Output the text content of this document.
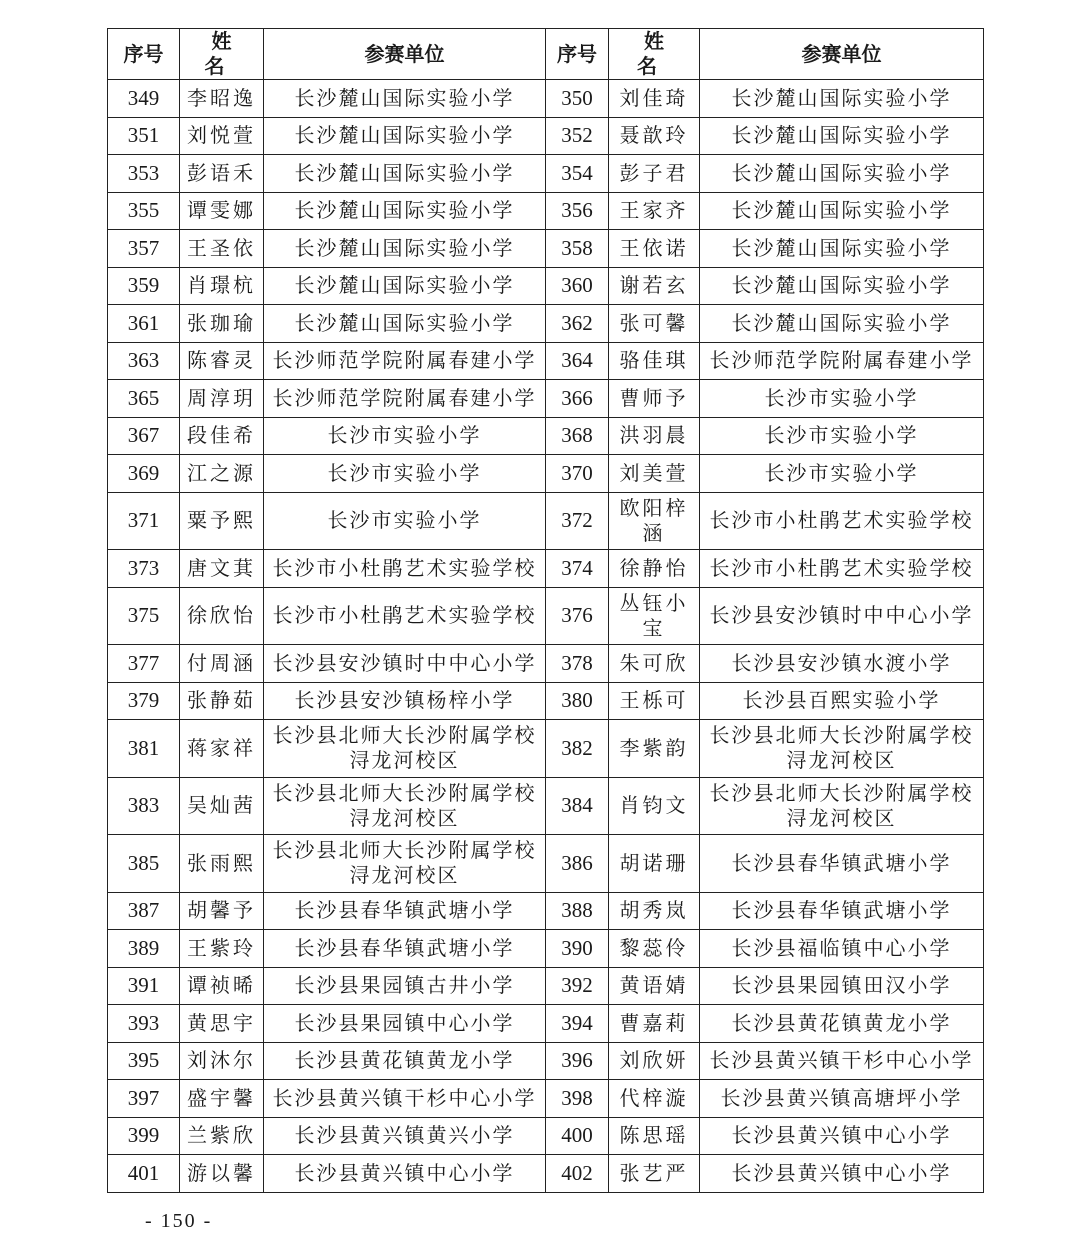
序号	姓 名	参赛单位	序号	姓 名	参赛单位
349	李昭逸	长沙麓山国际实验小学	350	刘佳琦	长沙麓山国际实验小学
351	刘悦萱	长沙麓山国际实验小学	352	聂歆玲	长沙麓山国际实验小学
353	彭语禾	长沙麓山国际实验小学	354	彭子君	长沙麓山国际实验小学
355	谭雯娜	长沙麓山国际实验小学	356	王家齐	长沙麓山国际实验小学
357	王圣依	长沙麓山国际实验小学	358	王依诺	长沙麓山国际实验小学
359	肖璟杭	长沙麓山国际实验小学	360	谢若玄	长沙麓山国际实验小学
361	张珈瑜	长沙麓山国际实验小学	362	张可馨	长沙麓山国际实验小学
363	陈睿灵	长沙师范学院附属春建小学	364	骆佳琪	长沙师范学院附属春建小学
365	周淳玥	长沙师范学院附属春建小学	366	曹师予	长沙市实验小学
367	段佳希	长沙市实验小学	368	洪羽晨	长沙市实验小学
369	江之源	长沙市实验小学	370	刘美萱	长沙市实验小学
371	粟予熙	长沙市实验小学	372	欧阳梓涵	长沙市小杜鹃艺术实验学校
373	唐文萁	长沙市小杜鹃艺术实验学校	374	徐静怡	长沙市小杜鹃艺术实验学校
375	徐欣怡	长沙市小杜鹃艺术实验学校	376	丛钰小宝	长沙县安沙镇时中中心小学
377	付周涵	长沙县安沙镇时中中心小学	378	朱可欣	长沙县安沙镇水渡小学
379	张静茹	长沙县安沙镇杨梓小学	380	王栎可	长沙县百熙实验小学
381	蒋家祥	长沙县北师大长沙附属学校浔龙河校区	382	李紫韵	长沙县北师大长沙附属学校浔龙河校区
383	吴灿茜	长沙县北师大长沙附属学校浔龙河校区	384	肖钧文	长沙县北师大长沙附属学校浔龙河校区
385	张雨熙	长沙县北师大长沙附属学校浔龙河校区	386	胡诺珊	长沙县春华镇武塘小学
387	胡馨予	长沙县春华镇武塘小学	388	胡秀岚	长沙县春华镇武塘小学
389	王紫玲	长沙县春华镇武塘小学	390	黎蕊伶	长沙县福临镇中心小学
391	谭祯晞	长沙县果园镇古井小学	392	黄语婧	长沙县果园镇田汉小学
393	黄思宇	长沙县果园镇中心小学	394	曹嘉莉	长沙县黄花镇黄龙小学
395	刘沐尔	长沙县黄花镇黄龙小学	396	刘欣妍	长沙县黄兴镇干杉中心小学
397	盛宇馨	长沙县黄兴镇干杉中心小学	398	代梓漩	长沙县黄兴镇高塘坪小学
399	兰紫欣	长沙县黄兴镇黄兴小学	400	陈思瑶	长沙县黄兴镇中心小学
401	游以馨	长沙县黄兴镇中心小学	402	张艺严	长沙县黄兴镇中心小学
- 150 -
